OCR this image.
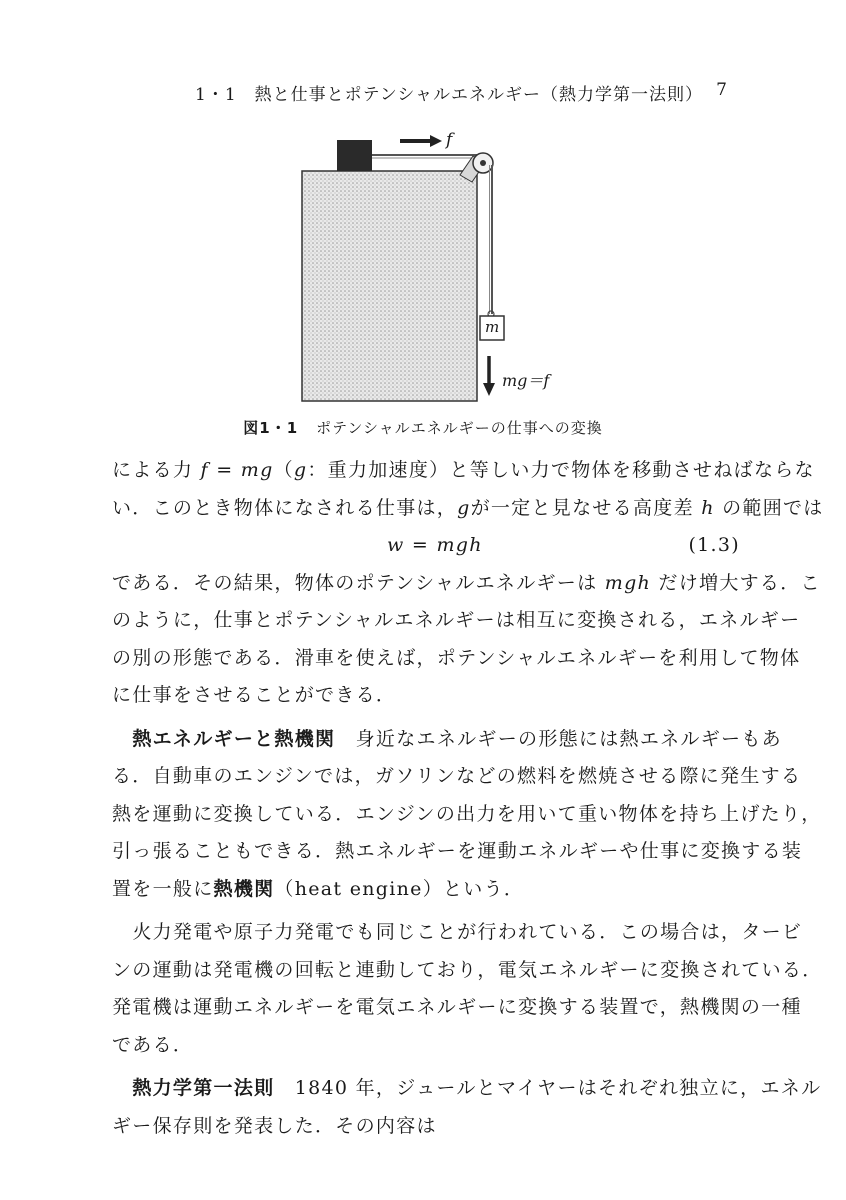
1・1　熱と仕事とポテンシャルエネルギー（熱力学第一法則） 7
f
m
mg＝f
図1・1 ポテンシャルエネルギーの仕事への変換
による力 f = mg（g：重力加速度）と等しい力で物体を移動させねばならな
い．このとき物体になされる仕事は，gが一定と見なせる高度差 h の範囲では
w = mgh	(1.3)
である．その結果，物体のポテンシャルエネルギーは mgh だけ増大する．こ
のように，仕事とポテンシャルエネルギーは相互に変換される，エネルギー
の別の形態である．滑車を使えば，ポテンシャルエネルギーを利用して物体
に仕事をさせることができる．
　熱エネルギーと熱機関　身近なエネルギーの形態には熱エネルギーもあ
る．自動車のエンジンでは，ガソリンなどの燃料を燃焼させる際に発生する
熱を運動に変換している．エンジンの出力を用いて重い物体を持ち上げたり，
引っ張ることもできる．熱エネルギーを運動エネルギーや仕事に変換する装
置を一般に熱機関（heat engine）という．
　火力発電や原子力発電でも同じことが行われている．この場合は，タービ
ンの運動は発電機の回転と連動しており，電気エネルギーに変換されている．
発電機は運動エネルギーを電気エネルギーに変換する装置で，熱機関の一種
である．
　熱力学第一法則　1840 年，ジュールとマイヤーはそれぞれ独立に，エネル
ギー保存則を発表した．その内容は
